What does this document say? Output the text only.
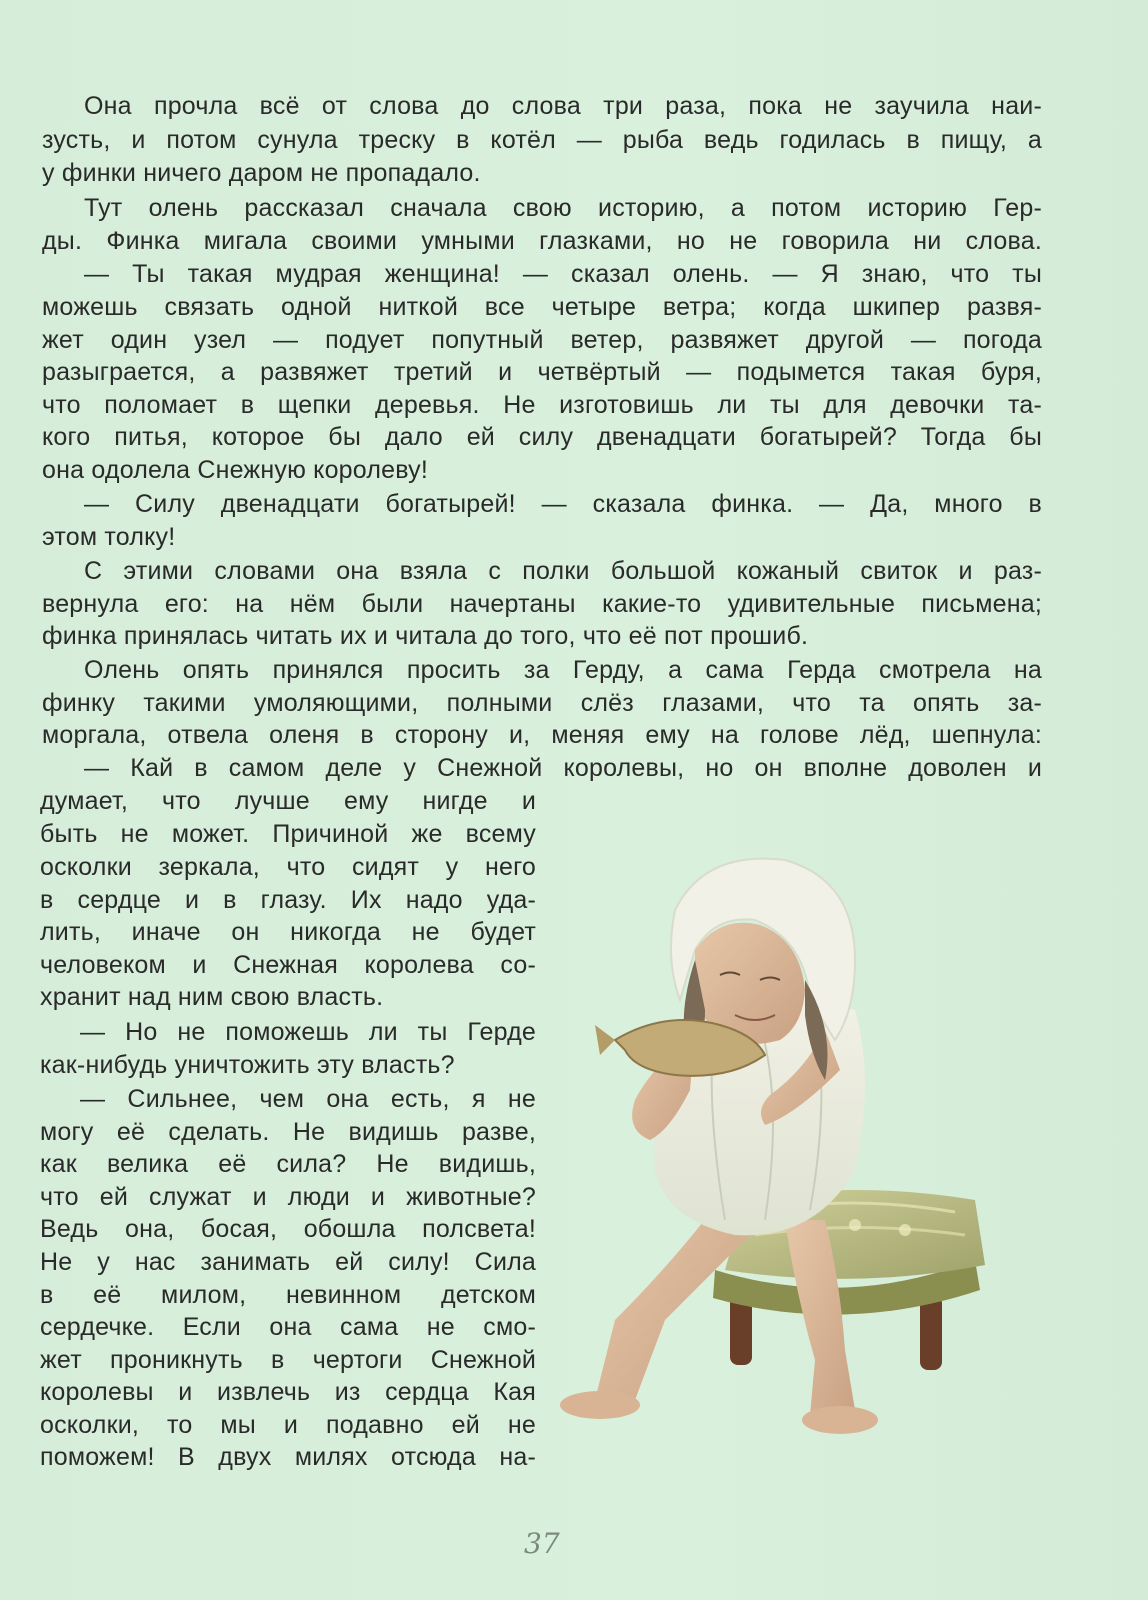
Она прочла всё от слова до слова три раза, пока не заучила наи-
зусть, и потом сунула треску в котёл — рыба ведь годилась в пищу, а
у финки ничего даром не пропадало.
Тут олень рассказал сначала свою историю, а потом историю Гер-
ды. Финка мигала своими умными глазками, но не говорила ни слова.
— Ты такая мудрая женщина! — сказал олень. — Я знаю, что ты
можешь связать одной ниткой все четыре ветра; когда шкипер развя-
жет один узел — подует попутный ветер, развяжет другой — погода
разыграется, а развяжет третий и четвёртый — подымется такая буря,
что поломает в щепки деревья. Не изготовишь ли ты для девочки та-
кого питья, которое бы дало ей силу двенадцати богатырей? Тогда бы
она одолела Снежную королеву!
— Силу двенадцати богатырей! — сказала финка. — Да, много в
этом толку!
С этими словами она взяла с полки большой кожаный свиток и раз-
вернула его: на нём были начертаны какие-то удивительные письмена;
финка принялась читать их и читала до того, что её пот прошиб.
Олень опять принялся просить за Герду, а сама Герда смотрела на
финку такими умоляющими, полными слёз глазами, что та опять за-
моргала, отвела оленя в сторону и, меняя ему на голове лёд, шепнула:
— Кай в самом деле у Снежной королевы, но он вполне доволен и
думает, что лучше ему нигде и
быть не может. Причиной же всему
осколки зеркала, что сидят у него
в сердце и в глазу. Их надо уда-
лить, иначе он никогда не будет
человеком и Снежная королева со-
хранит над ним свою власть.
— Но не поможешь ли ты Герде
как-нибудь уничтожить эту власть?
— Сильнее, чем она есть, я не
могу её сделать. Не видишь разве,
как велика её сила? Не видишь,
что ей служат и люди и животные?
Ведь она, босая, обошла полсвета!
Не у нас занимать ей силу! Сила
в её милом, невинном детском
сердечке. Если она сама не смо-
жет проникнуть в чертоги Снежной
королевы и извлечь из сердца Кая
осколки, то мы и подавно ей не
поможем! В двух милях отсюда на-
37
